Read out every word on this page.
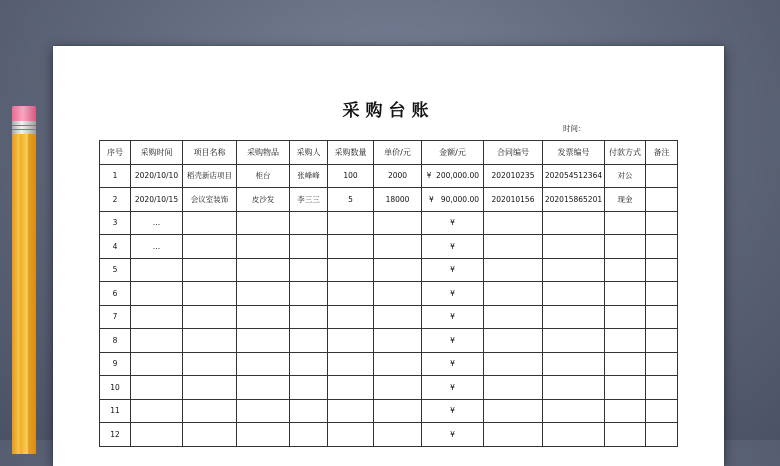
采购台账
时间：
序号	采购时间	项目名称	采购物品	采购人	采购数量	单价/元	金额/元	合同编号	发票编号	付款方式	备注
1	2020/10/10	稻壳新店项目	柜台	张峰峰	100	2000	¥ 200,000.00	202010235	202054512364	对公	
2	2020/10/15	会议室装饰	皮沙发	李三三	5	18000	¥ 90,000.00	202010156	202015865201	现金	
3	…						¥

4	…						¥

5							¥

6							¥

7							¥

8							¥

9							¥

10							¥

11							¥

12							¥
